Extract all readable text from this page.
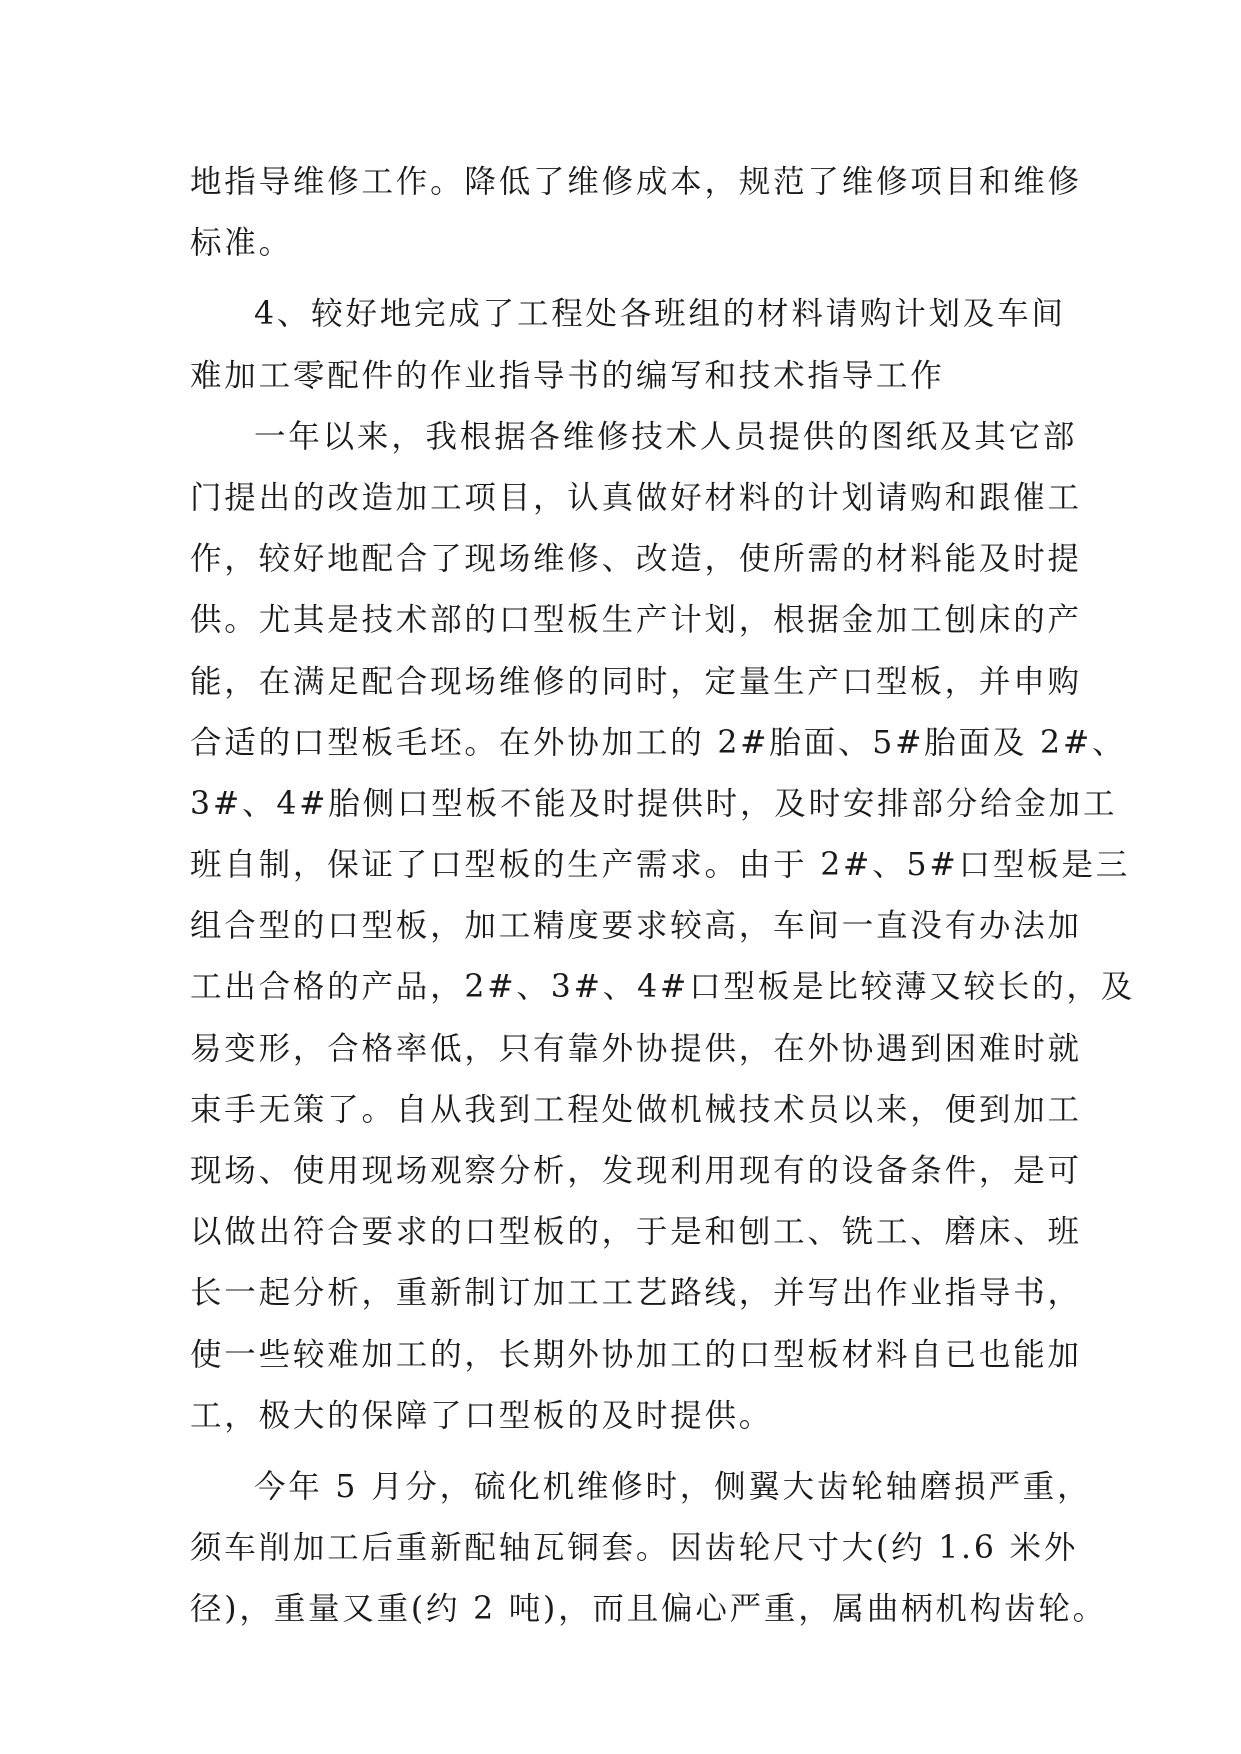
地指导维修工作。降低了维修成本，规范了维修项目和维修
标准。
4、较好地完成了工程处各班组的材料请购计划及车间
难加工零配件的作业指导书的编写和技术指导工作
一年以来，我根据各维修技术人员提供的图纸及其它部
门提出的改造加工项目，认真做好材料的计划请购和跟催工
作，较好地配合了现场维修、改造，使所需的材料能及时提
供。尤其是技术部的口型板生产计划，根据金加工刨床的产
能，在满足配合现场维修的同时，定量生产口型板，并申购
合适的口型板毛坯。在外协加工的 2#胎面、5#胎面及 2#、
3#、4#胎侧口型板不能及时提供时，及时安排部分给金加工
班自制，保证了口型板的生产需求。由于 2#、5#口型板是三
组合型的口型板，加工精度要求较高，车间一直没有办法加
工出合格的产品，2#、3#、4#口型板是比较薄又较长的，及
易变形，合格率低，只有靠外协提供，在外协遇到困难时就
束手无策了。自从我到工程处做机械技术员以来，便到加工
现场、使用现场观察分析，发现利用现有的设备条件，是可
以做出符合要求的口型板的，于是和刨工、铣工、磨床、班
长一起分析，重新制订加工工艺路线，并写出作业指导书，
使一些较难加工的，长期外协加工的口型板材料自已也能加
工，极大的保障了口型板的及时提供。
今年 5 月分，硫化机维修时，侧翼大齿轮轴磨损严重，
须车削加工后重新配轴瓦铜套。因齿轮尺寸大(约 1.6 米外
径)，重量又重(约 2 吨)，而且偏心严重，属曲柄机构齿轮。
